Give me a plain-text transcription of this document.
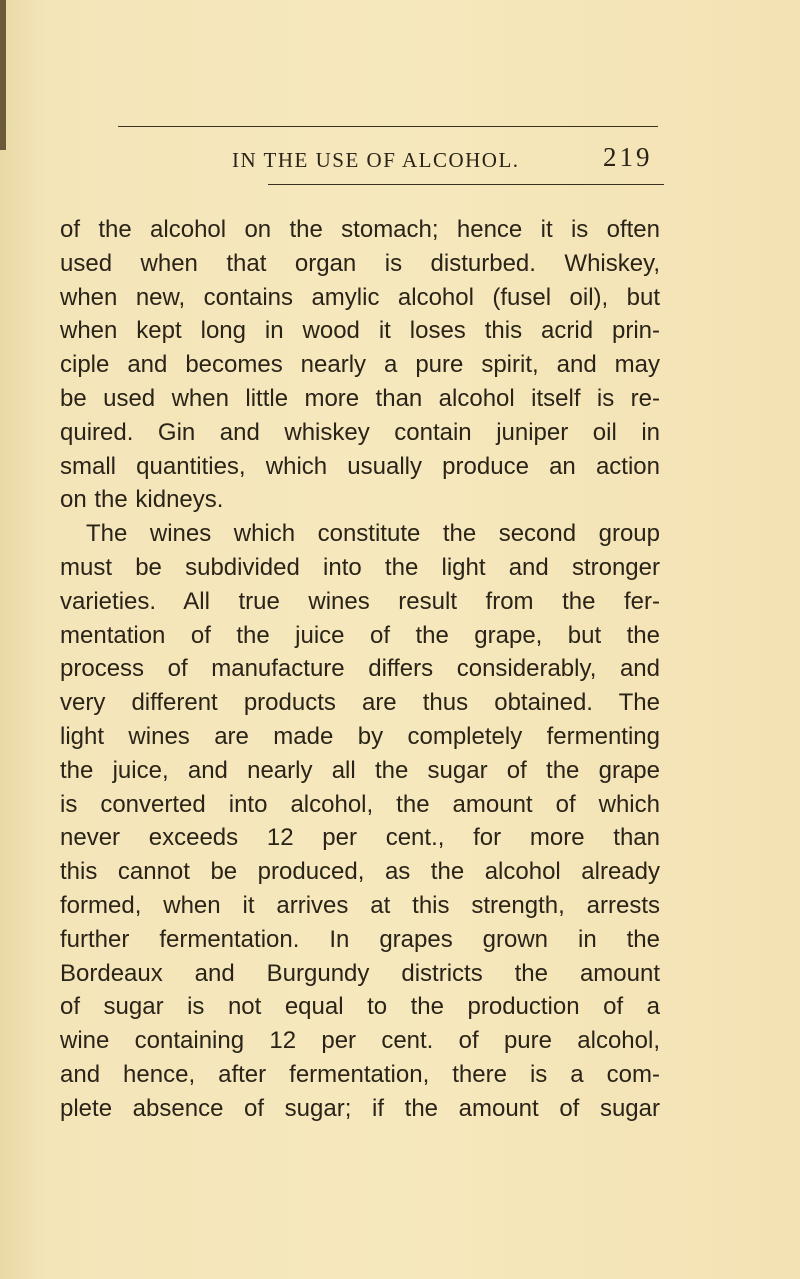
IN THE USE OF ALCOHOL.	219
of the alcohol on the stomach; hence it is often
used when that organ is disturbed. Whiskey,
when new, contains amylic alcohol (fusel oil), but
when kept long in wood it loses this acrid prin-
ciple and becomes nearly a pure spirit, and may
be used when little more than alcohol itself is re-
quired. Gin and whiskey contain juniper oil in
small quantities, which usually produce an action
on the kidneys.
The wines which constitute the second group
must be subdivided into the light and stronger
varieties. All true wines result from the fer-
mentation of the juice of the grape, but the
process of manufacture differs considerably, and
very different products are thus obtained. The
light wines are made by completely fermenting
the juice, and nearly all the sugar of the grape
is converted into alcohol, the amount of which
never exceeds 12 per cent., for more than
this cannot be produced, as the alcohol already
formed, when it arrives at this strength, arrests
further fermentation. In grapes grown in the
Bordeaux and Burgundy districts the amount
of sugar is not equal to the production of a
wine containing 12 per cent. of pure alcohol,
and hence, after fermentation, there is a com-
plete absence of sugar; if the amount of sugar
